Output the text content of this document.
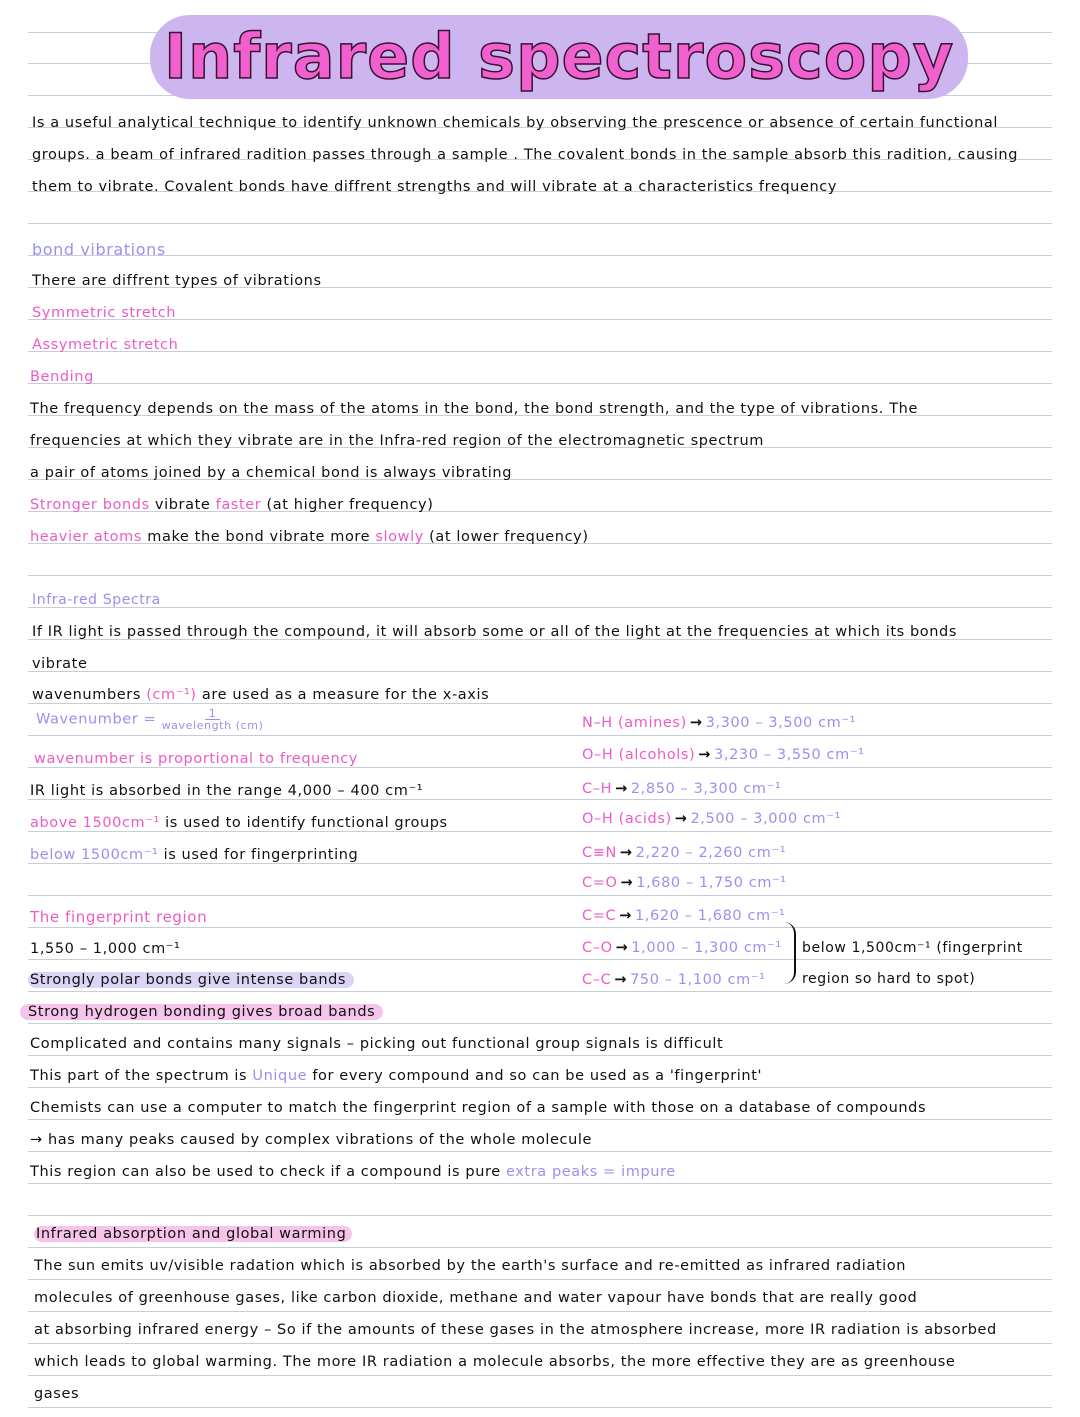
Infrared spectroscopy
Is a useful analytical technique to identify unknown chemicals by observing the prescence or absence of certain functional
groups. a beam of infrared radition passes through a sample . The covalent bonds in the sample absorb this radition, causing
them to vibrate. Covalent bonds have diffrent strengths and will vibrate at a characteristics frequency
bond vibrations
There are diffrent types of vibrations
Symmetric stretch
Assymetric stretch
Bending
The frequency depends on the mass of the atoms in the bond, the bond strength, and the type of vibrations. The
frequencies at which they vibrate are in the Infra-red region of the electromagnetic spectrum
a pair of atoms joined by a chemical bond is always vibrating
Stronger bonds vibrate faster (at higher frequency)
heavier atoms make the bond vibrate more slowly (at lower frequency)
Infra-red Spectra
If IR light is passed through the compound, it will absorb some or all of the light at the frequencies at which its bonds
vibrate
wavenumbers (cm⁻¹) are used as a measure for the x-axis
Wavenumber = $\frac{1}{\text{wavelength (cm)}}$
wavenumber is proportional to frequency
IR light is absorbed in the range 4,000 – 400 cm⁻¹
above 1500cm⁻¹ is used to identify functional groups
below 1500cm⁻¹ is used for fingerprinting
N–H (amines) → 3,300 – 3,500 cm⁻¹
O–H (alcohols) → 3,230 – 3,550 cm⁻¹
C–H → 2,850 – 3,300 cm⁻¹
O–H (acids) → 2,500 – 3,000 cm⁻¹
C≡N → 2,220 – 2,260 cm⁻¹
C=O → 1,680 – 1,750 cm⁻¹
C=C → 1,620 – 1,680 cm⁻¹
C–O → 1,000 – 1,300 cm⁻¹
C–C → 750 – 1,100 cm⁻¹
below 1,500cm⁻¹ (fingerprint
region so hard to spot)
The fingerprint region
1,550 – 1,000 cm⁻¹
Strongly polar bonds give intense bands
Strong hydrogen bonding gives broad bands
Complicated and contains many signals – picking out functional group signals is difficult
This part of the spectrum is Unique for every compound and so can be used as a 'fingerprint'
Chemists can use a computer to match the fingerprint region of a sample with those on a database of compounds
→ has many peaks caused by complex vibrations of the whole molecule
This region can also be used to check if a compound is pure extra peaks = impure
Infrared absorption and global warming
The sun emits uv/visible radation which is absorbed by the earth's surface and re-emitted as infrared radiation
molecules of greenhouse gases, like carbon dioxide, methane and water vapour have bonds that are really good
at absorbing infrared energy – So if the amounts of these gases in the atmosphere increase, more IR radiation is absorbed
which leads to global warming. The more IR radiation a molecule absorbs, the more effective they are as greenhouse
gases
